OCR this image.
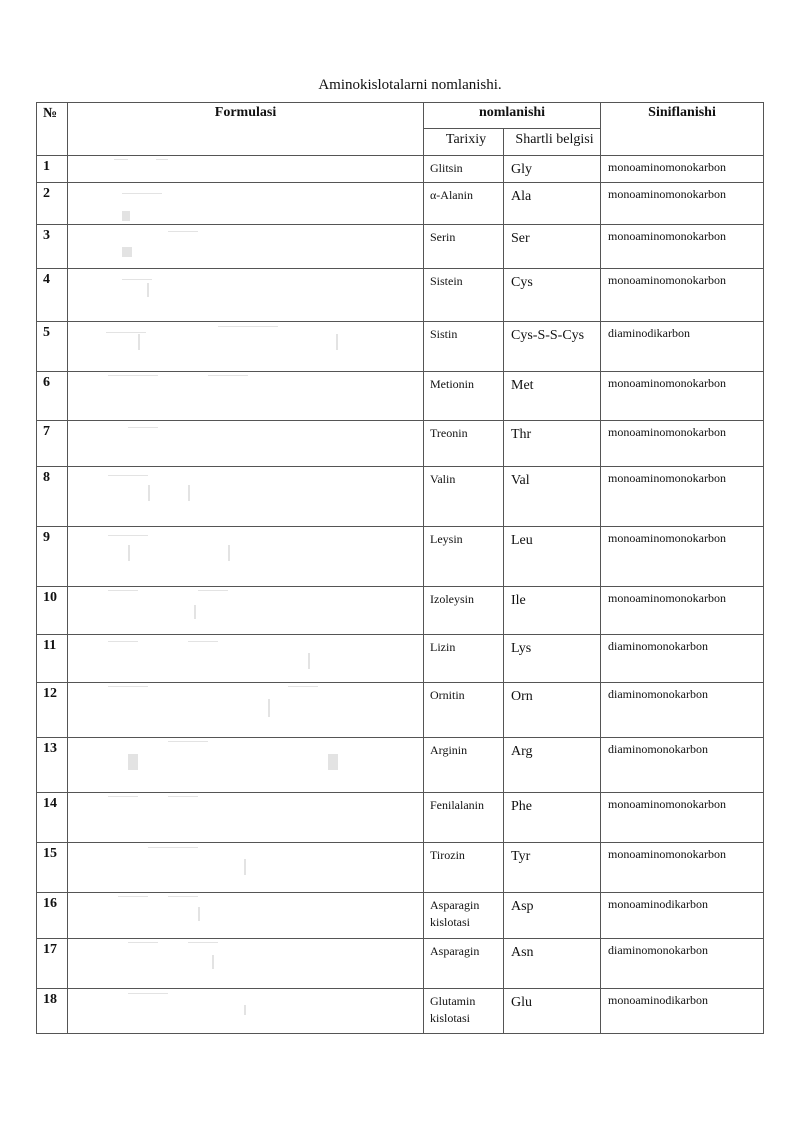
Aminokislotalarni nomlanishi.
№	Formulasi	nomlanishi		Siniflanishi
		Tarixiy	Shartli belgisi	
1		Glitsin	Gly	monoaminomonokarbon
2		α-Alanin	Ala	monoaminomonokarbon
3		Serin	Ser	monoaminomonokarbon
4		Sistein	Cys	monoaminomonokarbon
5		Sistin	Cys-S-S-Cys	diaminodikarbon
6		Metionin	Met	monoaminomonokarbon
7		Treonin	Thr	monoaminomonokarbon
8		Valin	Val	monoaminomonokarbon
9		Leysin	Leu	monoaminomonokarbon
10		Izoleysin	Ile	monoaminomonokarbon
11		Lizin	Lys	diaminomonokarbon
12		Ornitin	Orn	diaminomonokarbon
13		Arginin	Arg	diaminomonokarbon
14		Fenilalanin	Phe	monoaminomonokarbon
15		Tirozin	Tyr	monoaminomonokarbon
16		Asparagin kislotasi	Asp	monoaminodikarbon
17		Asparagin	Asn	diaminomonokarbon
18		Glutamin kislotasi	Glu	monoaminodikarbon
